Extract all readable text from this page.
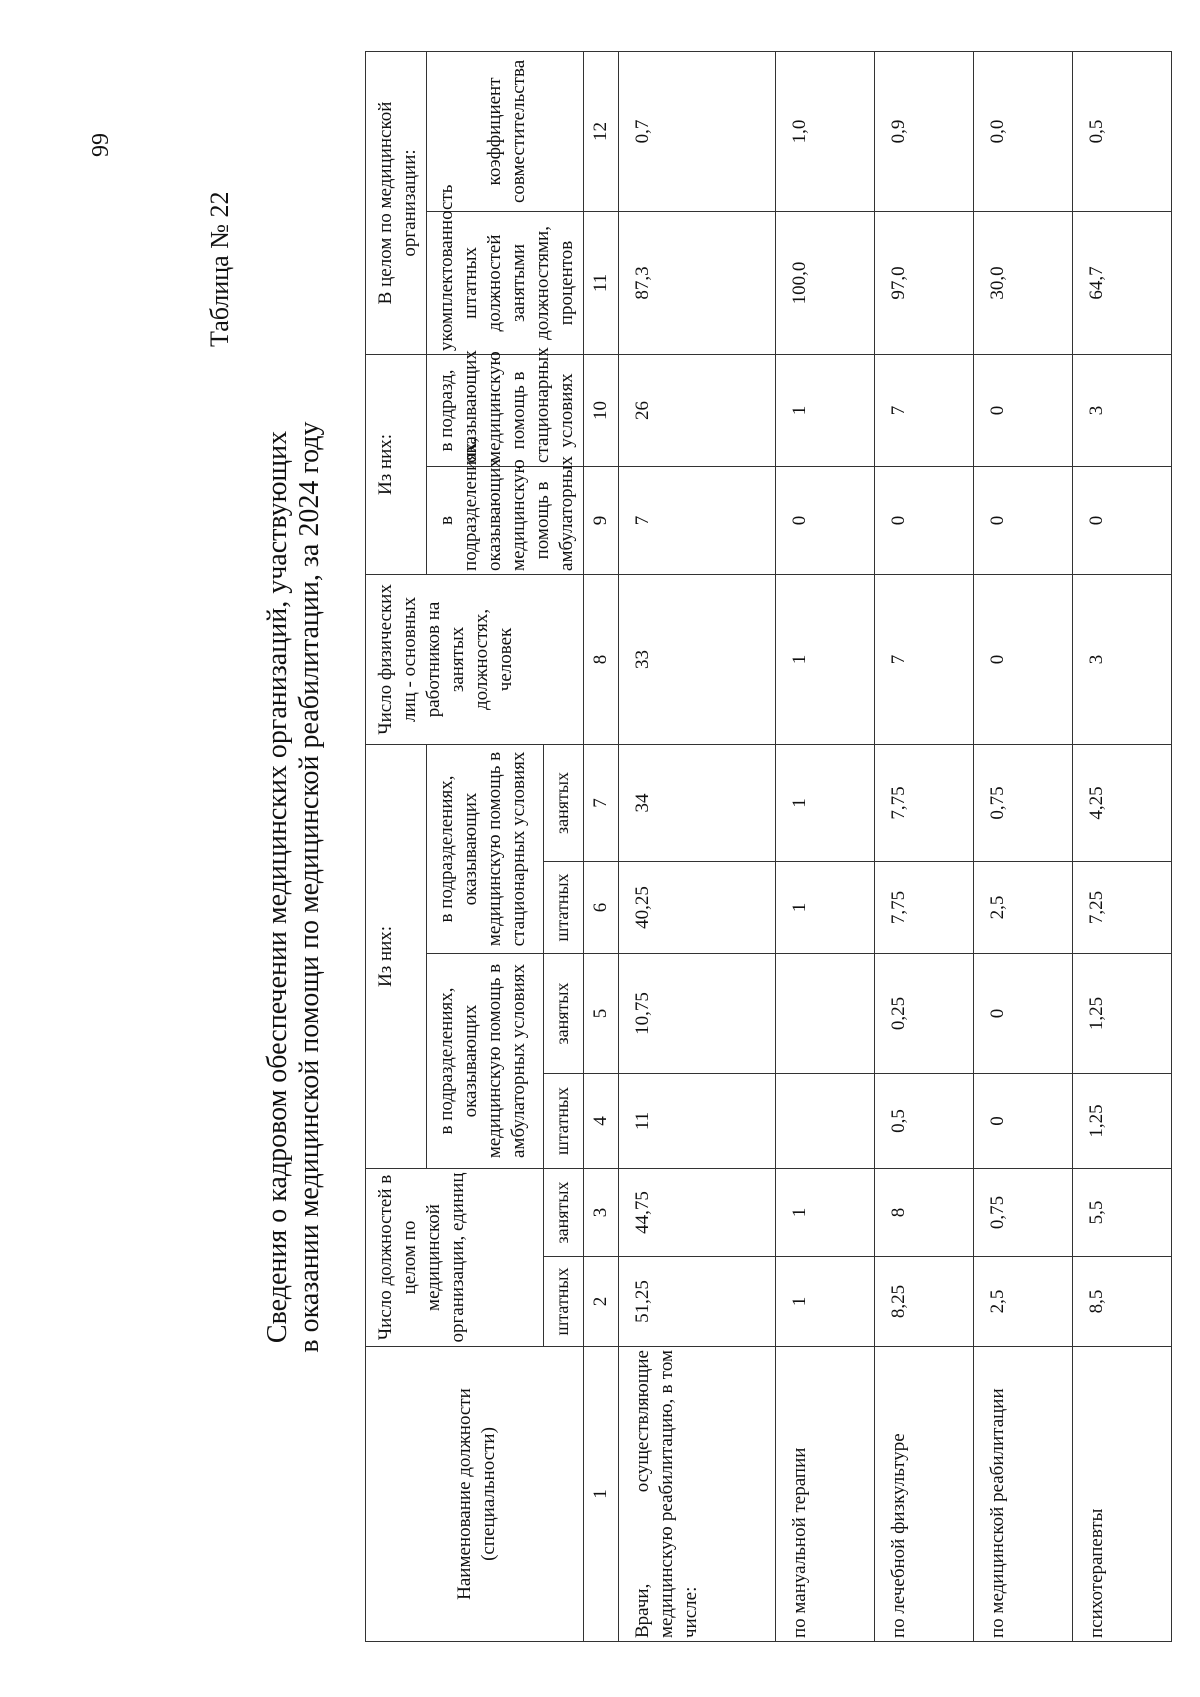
99
Таблица № 22
Сведения о кадровом обеспечении медицинских организаций, участвующих в оказании медицинской помощи по медицинской реабилитации, за 2024 году
Наименование должности (специальности)	Число должностей в целом по медицинской организации, единиц		Из них:				Число физических лиц - основных работников на занятых должностях, человек	Из них:		В целом по медицинской организации:	
			в подразделениях, оказывающих медицинскую помощь в амбулаторных условиях		в подразделениях, оказывающих медицинскую помощь в стационарных условиях			в подразделениях, оказывающих медицинскую помощь в амбулаторных	в подразд, оказывающих медицинскую помощь в стационарных условиях	укомплектованность штатных должностей занятыми должностями, процентов	коэффициент совместительства
	штатных	занятых	штатных	занятых	штатных	занятых					
1	2	3	4	5	6	7	8	9	10	11	12
Врачи, осуществляющие медицинскую реабилитацию, в том числе:	51,25	44,75	11	10,75	40,25	34	33	7	26	87,3	0,7
по мануальной терапии	1	1			1	1	1	0	1	100,0	1,0
по лечебной физкультуре	8,25	8	0,5	0,25	7,75	7,75	7	0	7	97,0	0,9
по медицинской реабилитации	2,5	0,75	0	0	2,5	0,75	0	0	0	30,0	0,0
психотерапевты	8,5	5,5	1,25	1,25	7,25	4,25	3	0	3	64,7	0,5
